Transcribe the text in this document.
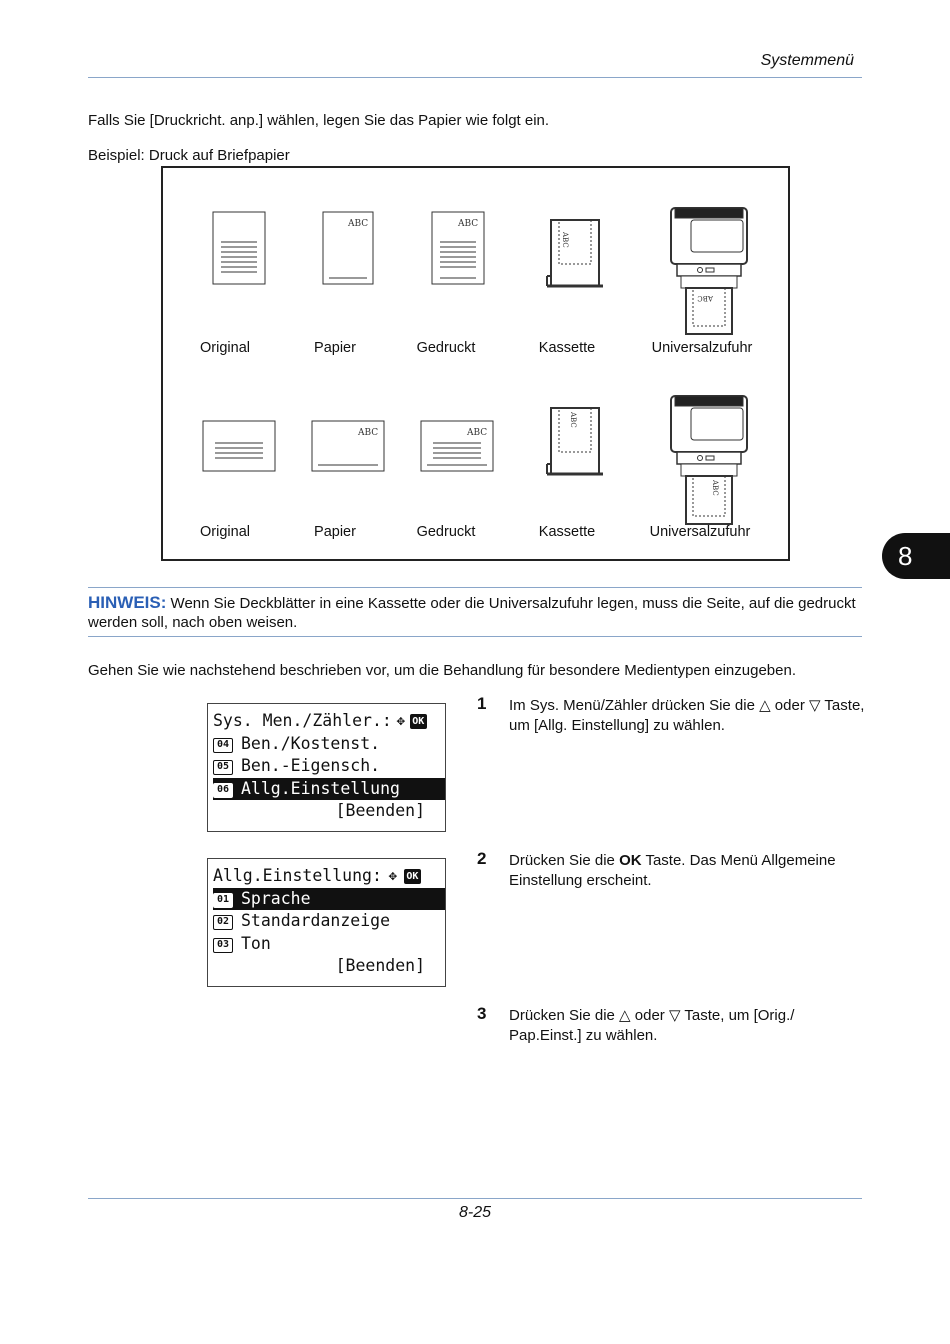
Systemmenü
Falls Sie [Druckricht. anp.] wählen, legen Sie das Papier wie folgt ein.
Beispiel: Druck auf Briefpapier
ABC	ABC
ABC	ABC
ABC
ABC
ABC
ABC
Original	Papier	Gedruckt	Kassette	Universalzufuhr
Original	Papier	Gedruckt	Kassette	Universalzufuhr
8
HINWEIS: Wenn Sie Deckblätter in eine Kassette oder die Universalzufuhr legen, muss die Seite, auf die gedruckt werden soll, nach oben weisen.
Gehen Sie wie nachstehend beschrieben vor, um die Behandlung für besondere Medientypen einzugeben.
Sys. Men./Zähler.: ✥ OK
04 Ben./Kostenst.
05 Ben.-Eigensch.
06 Allg.Einstellung
[Beenden]
Allg.Einstellung: ✥ OK
01 Sprache
02 Standardanzeige
03 Ton
[Beenden]
1 Im Sys. Menü/Zähler drücken Sie die △ oder ▽ Taste, um [Allg. Einstellung] zu wählen.
2 Drücken Sie die OK Taste. Das Menü Allgemeine Einstellung erscheint.
3 Drücken Sie die △ oder ▽ Taste, um [Orig./ Pap.Einst.] zu wählen.
8-25
